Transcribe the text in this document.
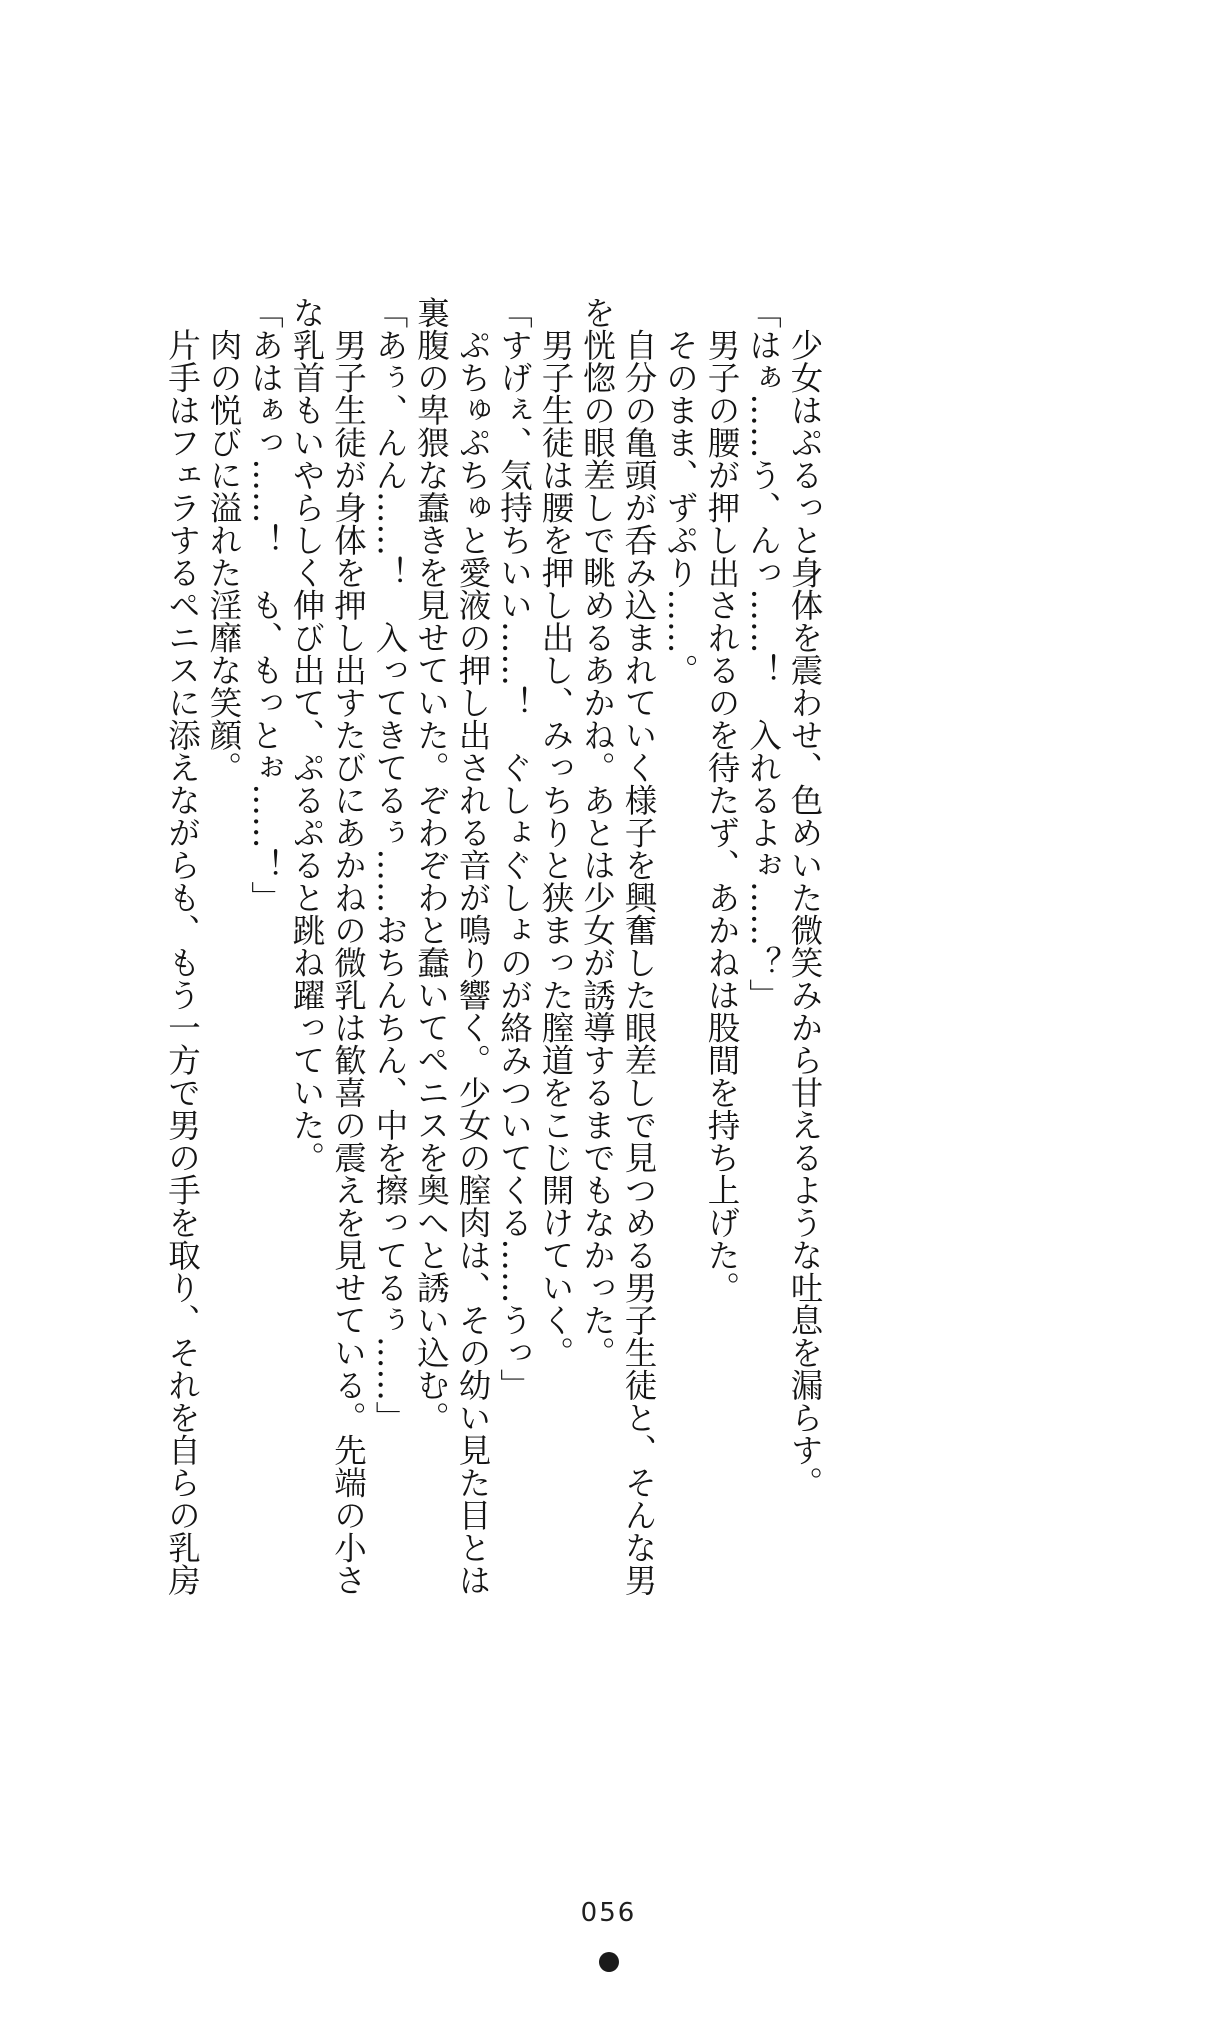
　少女はぷるっと身体を震わせ、色めいた微笑みから甘えるような吐息を漏らす。
「はぁ……う、んっ……！　入れるよぉ……？」
　男子の腰が押し出されるのを待たず、あかねは股間を持ち上げた。
　そのまま、ずぷり……。
　自分の亀頭が呑み込まれていく様子を興奮した眼差しで見つめる男子生徒と、そんな男
を恍惚の眼差しで眺めるあかね。あとは少女が誘導するまでもなかった。
　男子生徒は腰を押し出し、みっちりと狭まった膣道をこじ開けていく。
「すげぇ、気持ちいい……！　ぐしょぐしょのが絡みついてくる……うっ」
　ぷちゅぷちゅと愛液の押し出される音が鳴り響く。少女の膣肉は、その幼い見た目とは
裏腹の卑猥な蠢きを見せていた。ぞわぞわと蠢いてペニスを奥へと誘い込む。
「あぅ、んん……！　入ってきてるぅ……おちんちん、中を擦ってるぅ……」
　男子生徒が身体を押し出すたびにあかねの微乳は歓喜の震えを見せている。先端の小さ
な乳首もいやらしく伸び出て、ぷるぷると跳ね躍っていた。
「あはぁっ……！　も、もっとぉ……！」
　肉の悦びに溢れた淫靡な笑顔。
　片手はフェラするペニスに添えながらも、もう一方で男の手を取り、それを自らの乳房
056
